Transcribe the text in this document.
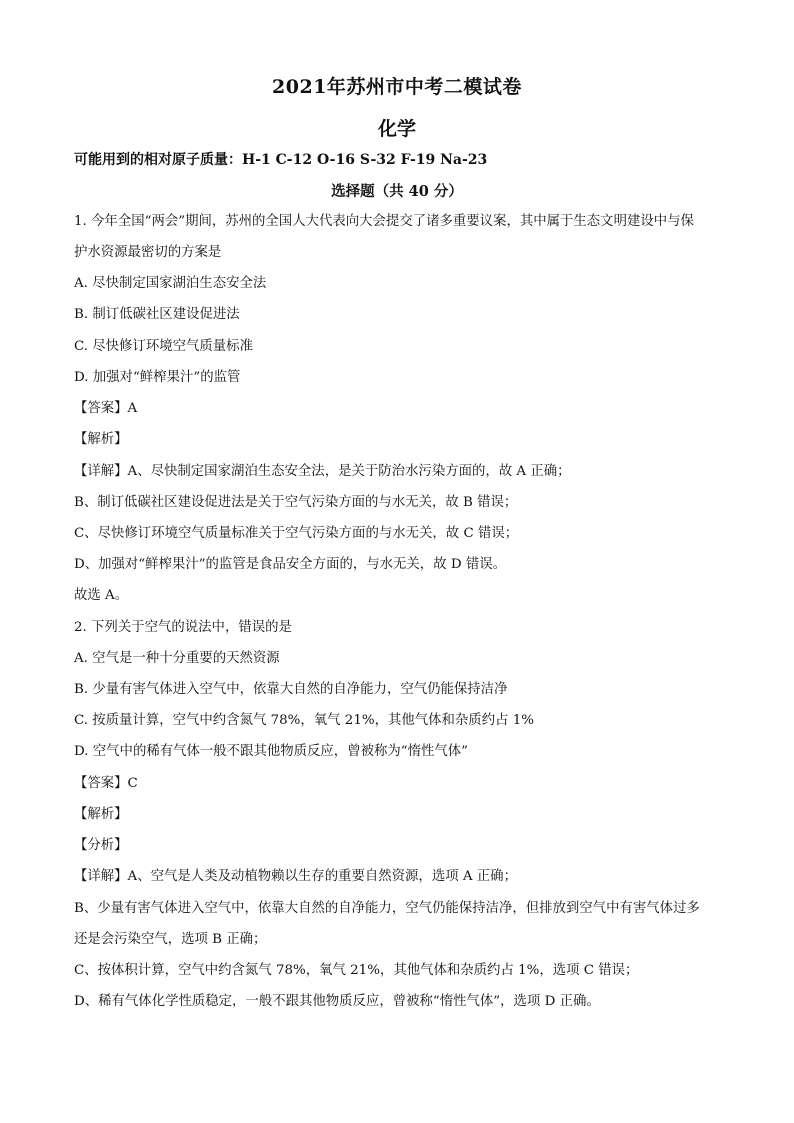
2021年苏州市中考二模试卷
化学
可能用到的相对原子质量：H-1 C-12 O-16 S-32 F-19 Na-23
选择题（共 40 分）
1. 今年全国“两会”期间，苏州的全国人大代表向大会提交了诸多重要议案，其中属于生态文明建设中与保
护水资源最密切的方案是
A. 尽快制定国家湖泊生态安全法
B. 制订低碳社区建设促进法
C. 尽快修订环境空气质量标准
D. 加强对“鲜榨果汁”的监管
【答案】A
【解析】
【详解】A、尽快制定国家湖泊生态安全法，是关于防治水污染方面的，故 A 正确；
B、制订低碳社区建设促进法是关于空气污染方面的与水无关，故 B 错误；
C、尽快修订环境空气质量标准关于空气污染方面的与水无关，故 C 错误；
D、加强对“鲜榨果汁”的监管是食品安全方面的，与水无关，故 D 错误。
故选 A。
2. 下列关于空气的说法中，错误的是
A. 空气是一种十分重要的天然资源
B. 少量有害气体进入空气中，依靠大自然的自净能力，空气仍能保持洁净
C. 按质量计算，空气中约含氮气 78%，氧气 21%，其他气体和杂质约占 1%
D. 空气中的稀有气体一般不跟其他物质反应，曾被称为“惰性气体”
【答案】C
【解析】
【分析】
【详解】A、空气是人类及动植物赖以生存的重要自然资源，选项 A 正确；
B、少量有害气体进入空气中，依靠大自然的自净能力，空气仍能保持洁净，但排放到空气中有害气体过多
还是会污染空气，选项 B 正确；
C、按体积计算，空气中约含氮气 78%，氧气 21%，其他气体和杂质约占 1%，选项 C 错误；
D、稀有气体化学性质稳定，一般不跟其他物质反应，曾被称“惰性气体”，选项 D 正确。
